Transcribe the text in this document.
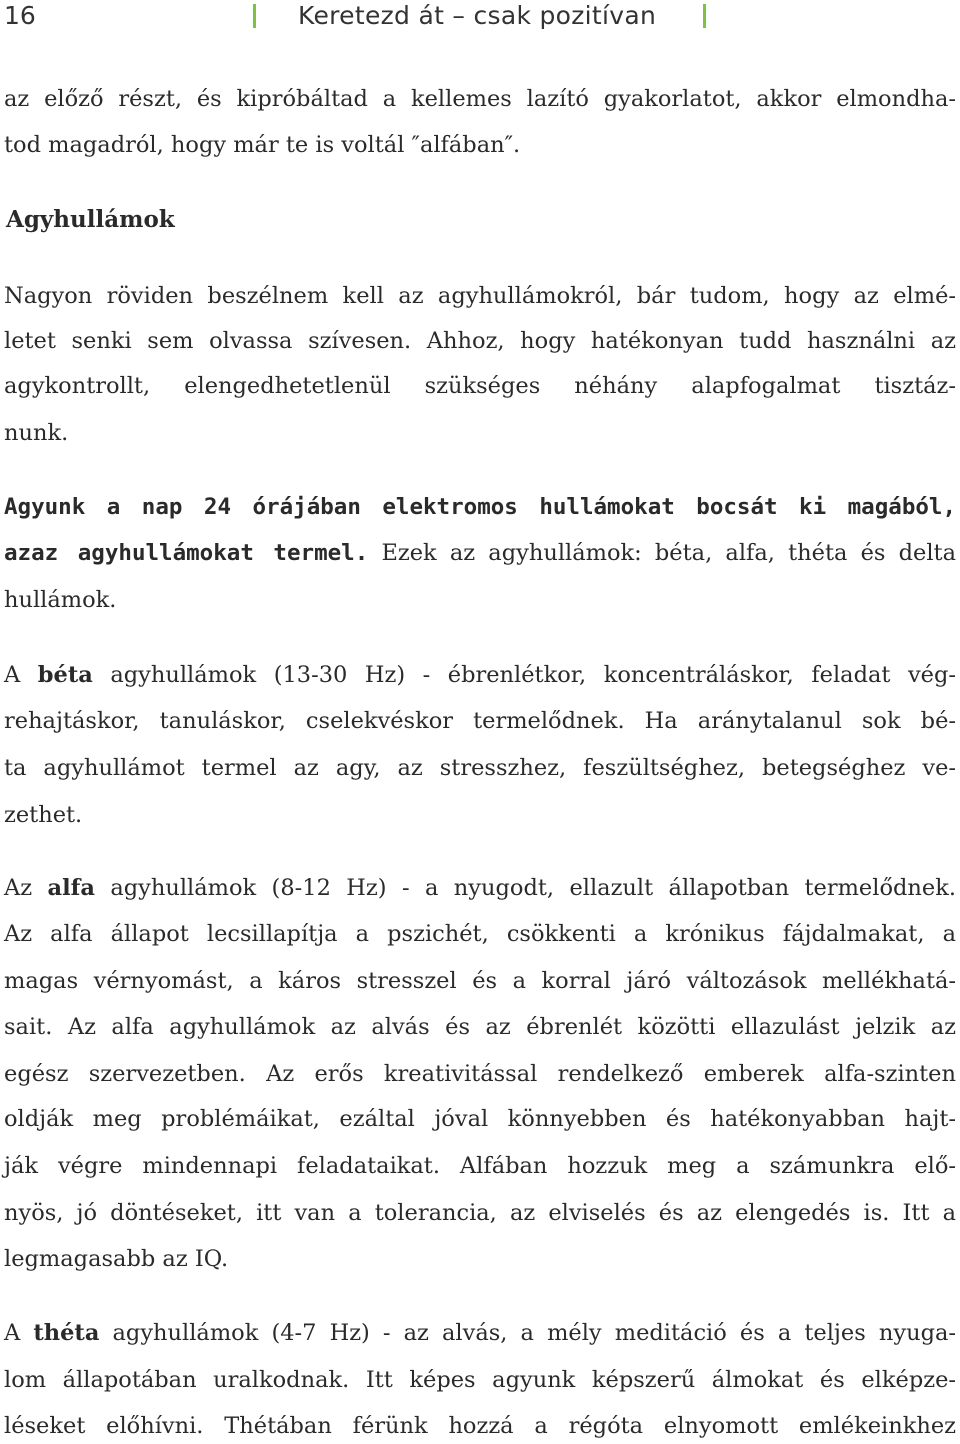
16	Keretezd át – csak pozitívan
az előző részt, és kipróbáltad a kellemes lazító gyakorlatot, akkor elmondha-
tod magadról, hogy már te is voltál ″alfában″.
Agyhullámok
Nagyon röviden beszélnem kell az agyhullámokról, bár tudom, hogy az elmé-
letet senki sem olvassa szívesen. Ahhoz, hogy hatékonyan tudd használni az
agykontrollt, elengedhetetlenül szükséges néhány alapfogalmat tisztáz-
nunk.
Agyunk a nap 24 órájában elektromos hullámokat bocsát ki magából,
azaz agyhullámokat termel. Ezek az agyhullámok: béta, alfa, théta és delta
hullámok.
A béta agyhullámok (13-30 Hz) - ébrenlétkor, koncentráláskor, feladat vég-
rehajtáskor, tanuláskor, cselekvéskor termelődnek. Ha aránytalanul sok bé-
ta agyhullámot termel az agy, az stresszhez, feszültséghez, betegséghez ve-
zethet.
Az alfa agyhullámok (8-12 Hz) - a nyugodt, ellazult állapotban termelődnek.
Az alfa állapot lecsillapítja a pszichét, csökkenti a krónikus fájdalmakat, a
magas vérnyomást, a káros stresszel és a korral járó változások mellékhatá-
sait. Az alfa agyhullámok az alvás és az ébrenlét közötti ellazulást jelzik az
egész szervezetben. Az erős kreativitással rendelkező emberek alfa-szinten
oldják meg problémáikat, ezáltal jóval könnyebben és hatékonyabban hajt-
ják végre mindennapi feladataikat. Alfában hozzuk meg a számunkra elő-
nyös, jó döntéseket, itt van a tolerancia, az elviselés és az elengedés is. Itt a
legmagasabb az IQ.
A théta agyhullámok (4-7 Hz) - az alvás, a mély meditáció és a teljes nyuga-
lom állapotában uralkodnak. Itt képes agyunk képszerű álmokat és elképze-
léseket előhívni. Thétában férünk hozzá a régóta elnyomott emlékeinkhez
